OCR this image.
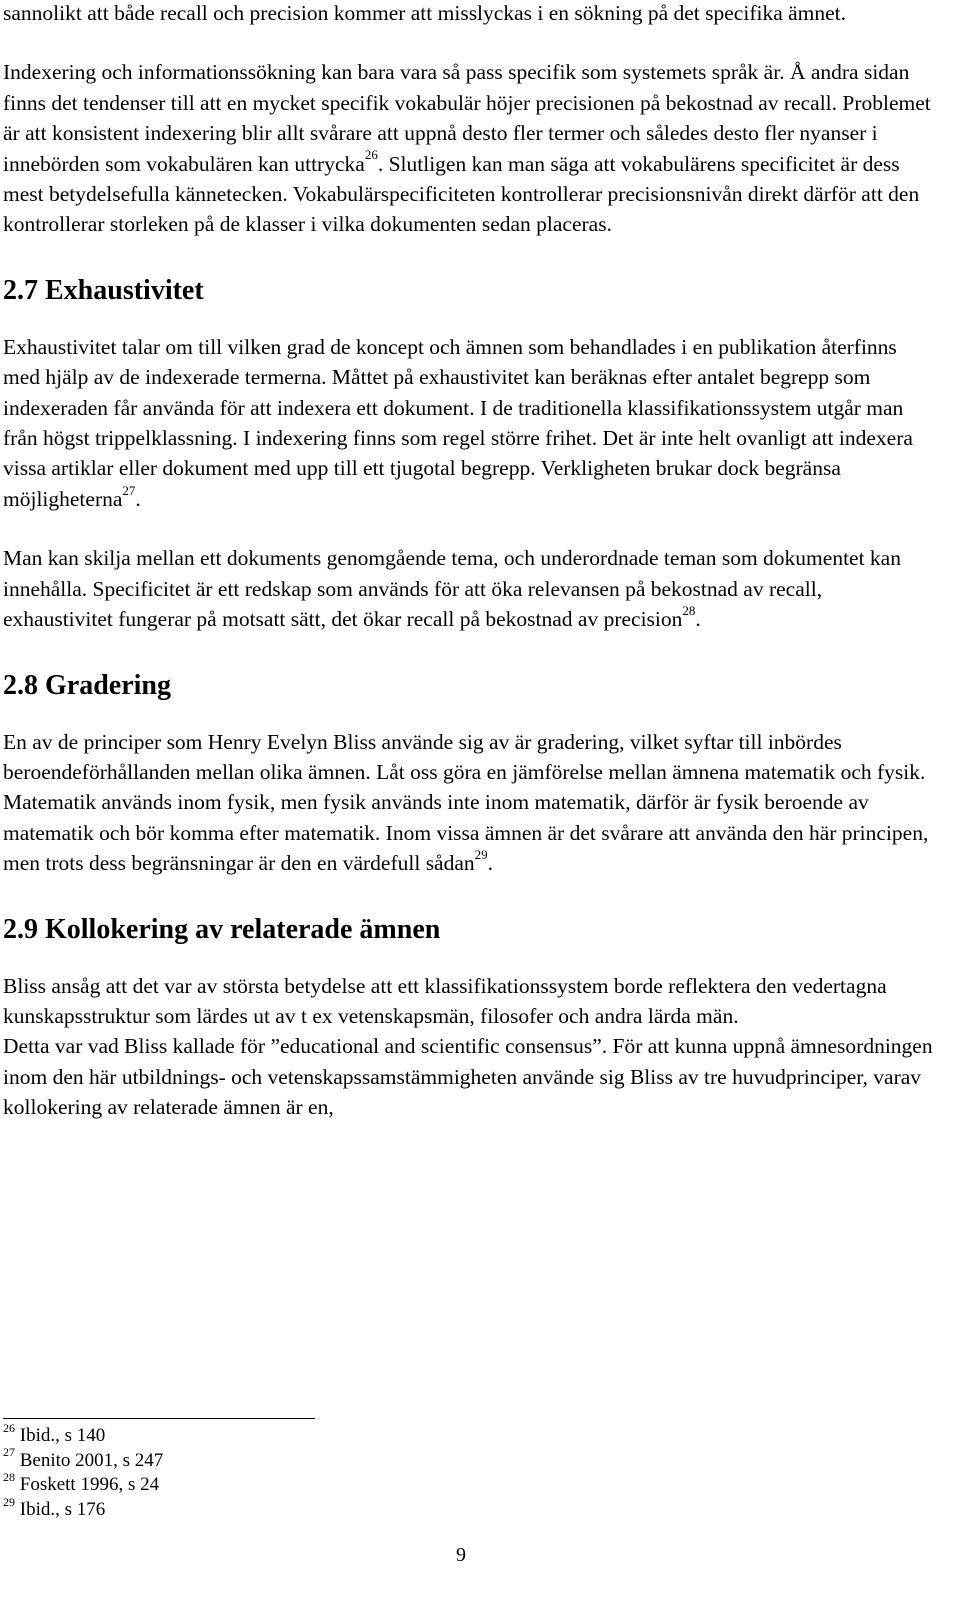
sannolikt att både recall och precision kommer att misslyckas i en sökning på det specifika ämnet.

Indexering och informationssökning kan bara vara så pass specifik som systemets språk är. Å andra sidan finns det tendenser till att en mycket specifik vokabulär höjer precisionen på bekostnad av recall. Problemet är att konsistent indexering blir allt svårare att uppnå desto fler termer och således desto fler nyanser i innebörden som vokabulären kan uttrycka$^{26}$. Slutligen kan man säga att vokabulärens specificitet är dess mest betydelsefulla kännetecken. Vokabulärspecificiteten kontrollerar precisionsnivån direkt därför att den kontrollerar storleken på de klasser i vilka dokumenten sedan placeras.

2.7 Exhaustivitet

Exhaustivitet talar om till vilken grad de koncept och ämnen som behandlades i en publikation återfinns med hjälp av de indexerade termerna. Måttet på exhaustivitet kan beräknas efter antalet begrepp som indexeraden får använda för att indexera ett dokument. I de traditionella klassifikationssystem utgår man från högst trippelklassning. I indexering finns som regel större frihet. Det är inte helt ovanligt att indexera vissa artiklar eller dokument med upp till ett tjugotal begrepp. Verkligheten brukar dock begränsa möjligheterna$^{27}$.

Man kan skilja mellan ett dokuments genomgående tema, och underordnade teman som dokumentet kan innehålla. Specificitet är ett redskap som används för att öka relevansen på bekostnad av recall, exhaustivitet fungerar på motsatt sätt, det ökar recall på bekostnad av precision$^{28}$.

2.8 Gradering

En av de principer som Henry Evelyn Bliss använde sig av är gradering, vilket syftar till inbördes beroendeförhållanden mellan olika ämnen. Låt oss göra en jämförelse mellan ämnena matematik och fysik. Matematik används inom fysik, men fysik används inte inom matematik, därför är fysik beroende av matematik och bör komma efter matematik. Inom vissa ämnen är det svårare att använda den här principen, men trots dess begränsningar är den en värdefull sådan$^{29}$.

2.9 Kollokering av relaterade ämnen

Bliss ansåg att det var av största betydelse att ett klassifikationssystem borde reflektera den vedertagna kunskapsstruktur som lärdes ut av t ex vetenskapsmän, filosofer och andra lärda män.

Detta var vad Bliss kallade för ”educational and scientific consensus”. För att kunna uppnå ämnesordningen inom den här utbildnings- och vetenskapssamstämmigheten använde sig Bliss av tre huvudprinciper, varav kollokering av relaterade ämnen är en,

$^{26}$ Ibid., s 140
$^{27}$ Benito 2001, s 247
$^{28}$ Foskett 1996, s 24
$^{29}$ Ibid., s 176
9
